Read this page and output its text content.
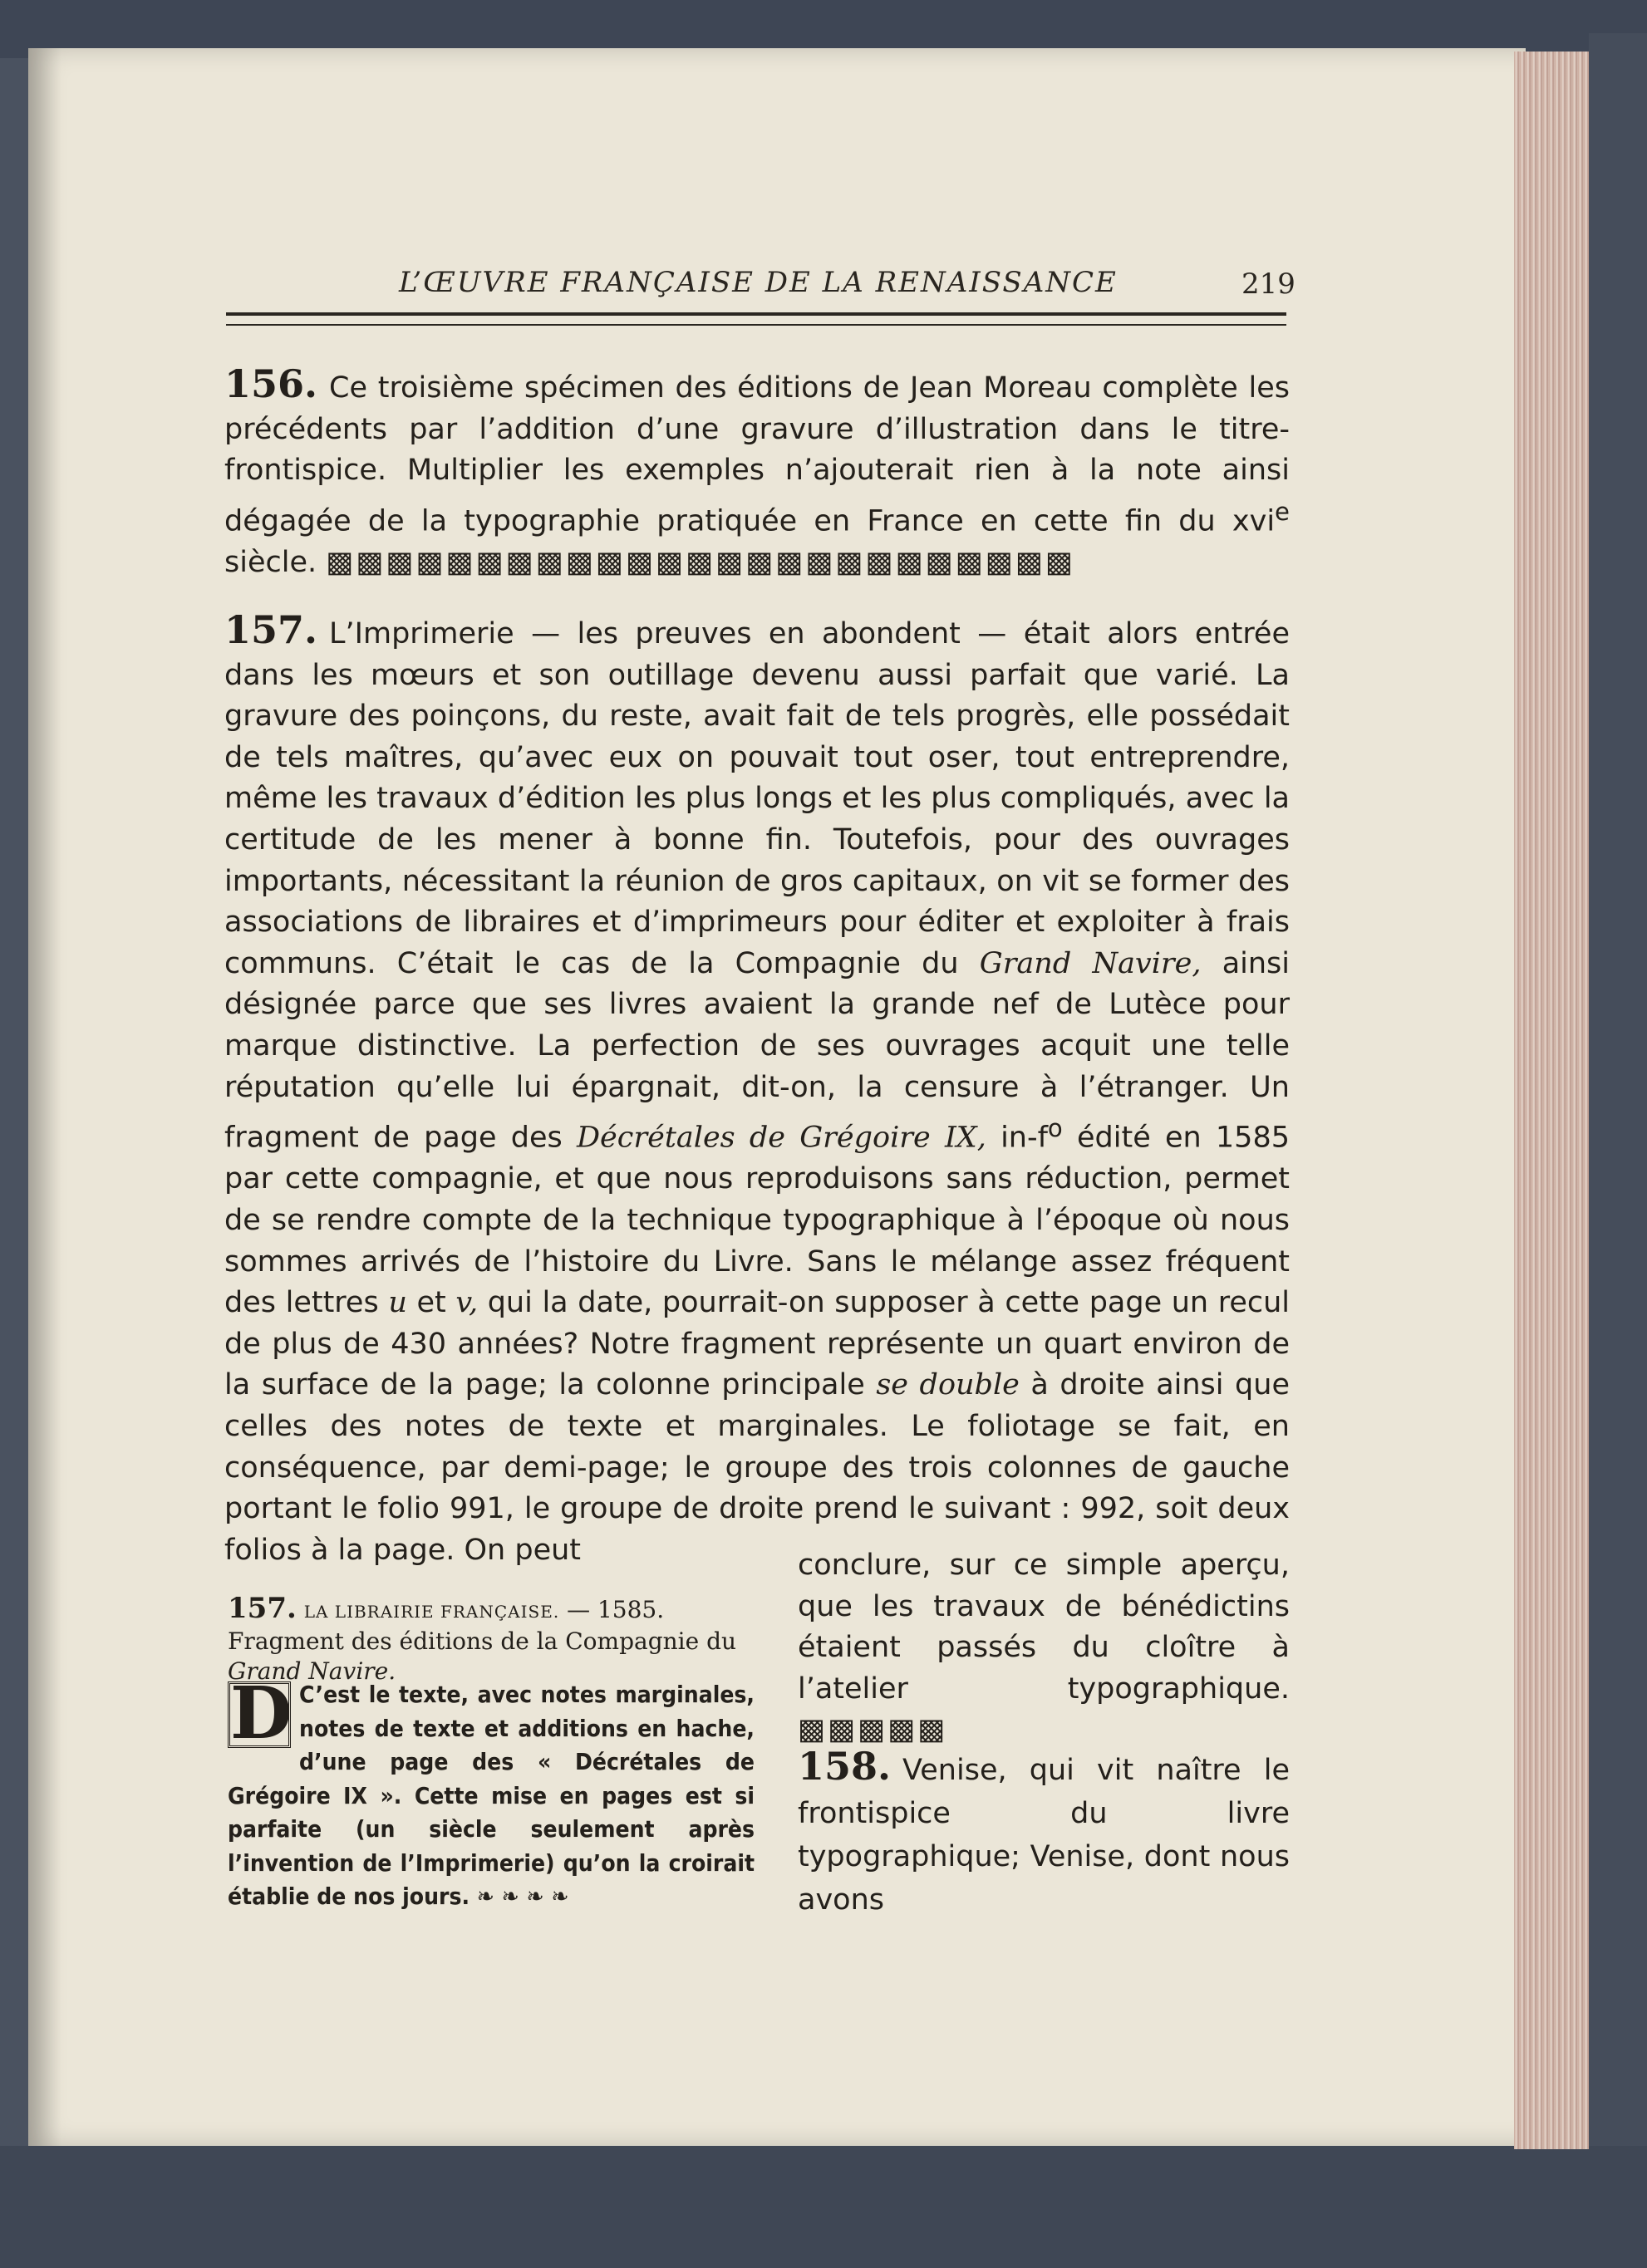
L’ŒUVRE FRANÇAISE DE LA RENAISSANCE	219
156. Ce troisième spécimen des éditions de Jean Moreau complète les précédents par l’addition d’une gravure d’illustration dans le titre-frontispice. Multiplier les exemples n’ajouterait rien à la note ainsi dégagée de la typographie pratiquée en France en cette fin du xvi$^e$ siècle. ▩▩▩▩▩▩▩▩▩▩▩▩▩▩▩▩▩▩▩▩▩▩▩▩▩
157. L’Imprimerie — les preuves en abondent — était alors entrée dans les mœurs et son outillage devenu aussi parfait que varié. La gravure des poinçons, du reste, avait fait de tels progrès, elle possédait de tels maîtres, qu’avec eux on pouvait tout oser, tout entreprendre, même les travaux d’édition les plus longs et les plus compliqués, avec la certitude de les mener à bonne fin. Toutefois, pour des ouvrages importants, nécessitant la réunion de gros capitaux, on vit se former des associations de libraires et d’imprimeurs pour éditer et exploiter à frais communs. C’était le cas de la Compagnie du Grand Navire, ainsi désignée parce que ses livres avaient la grande nef de Lutèce pour marque distinctive. La perfection de ses ouvrages acquit une telle réputation qu’elle lui épargnait, dit-on, la censure à l’étranger. Un fragment de page des Décrétales de Grégoire IX, $in-f^o$ édité en 1585 par cette compagnie, et que nous reproduisons sans réduction, permet de se rendre compte de la technique typographique à l’époque où nous sommes arrivés de l’histoire du Livre. Sans le mélange assez fréquent des lettres u et v, qui la date, pourrait-on supposer à cette page un recul de plus de 430 années? Notre fragment représente un quart environ de la surface de la page; la colonne principale se double à droite ainsi que celles des notes de texte et marginales. Le foliotage se fait, en conséquence, par demi-page; le groupe des trois colonnes de gauche portant le folio 991, le groupe de droite prend le suivant : 992, soit deux folios à la page. On peut	conclure, sur ce simple aperçu, que les travaux de bénédictins étaient passés du cloître à l’atelier typographique. ▩▩▩▩▩
158. Venise, qui vit naître le frontispice du livre typographique; Venise, dont nous avons
157. LA LIBRAIRIE FRANÇAISE. — 1585. Fragment des éditions de la Compagnie du Grand Navire.
D C’est le texte, avec notes marginales, notes de texte et additions en hache, d’une page des « Décrétales de Grégoire IX ». Cette mise en pages est si parfaite (un siècle seulement après l’invention de l’Imprimerie) qu’on la croirait établie de nos jours. ❧ ❧ ❧ ❧
